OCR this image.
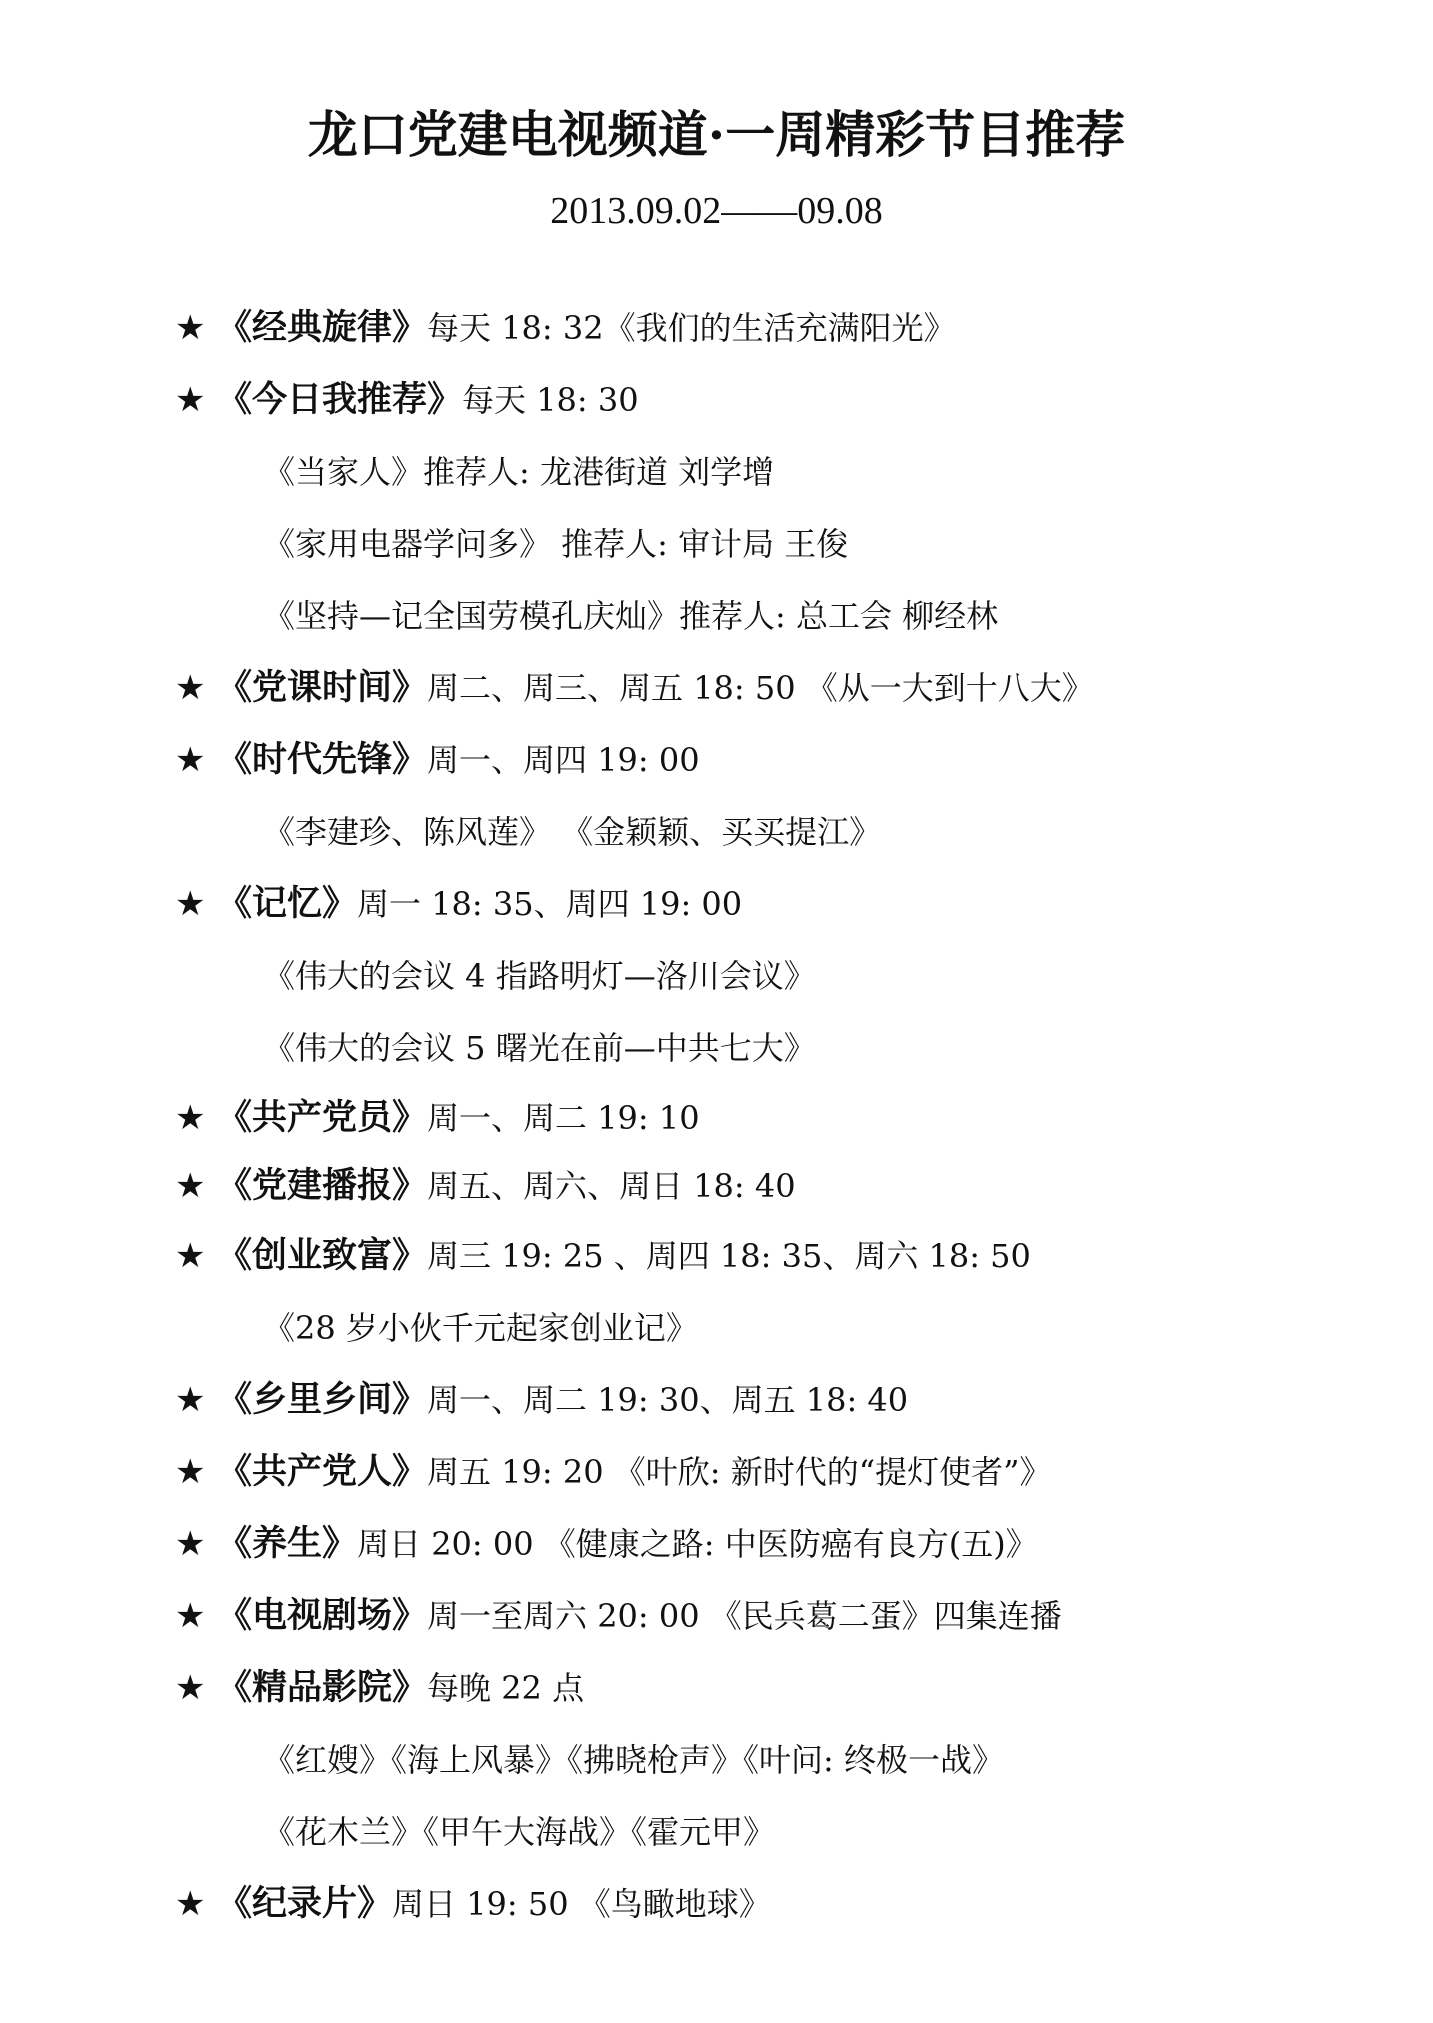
龙口党建电视频道·一周精彩节目推荐
2013.09.02——09.08
★ 《经典旋律》每天 18: 32《我们的生活充满阳光》
★ 《今日我推荐》每天 18: 30
《当家人》推荐人: 龙港街道 刘学增
《家用电器学问多》 推荐人: 审计局 王俊
《坚持—记全国劳模孔庆灿》推荐人: 总工会 柳经林
★ 《党课时间》周二、周三、周五 18: 50 《从一大到十八大》
★ 《时代先锋》周一、周四 19: 00
《李建珍、陈风莲》 《金颖颖、买买提江》
★ 《记忆》周一 18: 35、周四 19: 00
《伟大的会议 4 指路明灯—洛川会议》
《伟大的会议 5 曙光在前—中共七大》
★ 《共产党员》周一、周二 19: 10
★ 《党建播报》周五、周六、周日 18: 40
★ 《创业致富》周三 19: 25 、周四 18: 35、周六 18: 50
《28 岁小伙千元起家创业记》
★ 《乡里乡间》周一、周二 19: 30、周五 18: 40
★ 《共产党人》周五 19: 20 《叶欣: 新时代的“提灯使者”》
★ 《养生》周日 20: 00 《健康之路: 中医防癌有良方(五)》
★ 《电视剧场》周一至周六 20: 00 《民兵葛二蛋》四集连播
★ 《精品影院》每晚 22 点
《红嫂》《海上风暴》《拂晓枪声》《叶问: 终极一战》
《花木兰》《甲午大海战》《霍元甲》
★ 《纪录片》周日 19: 50 《鸟瞰地球》
